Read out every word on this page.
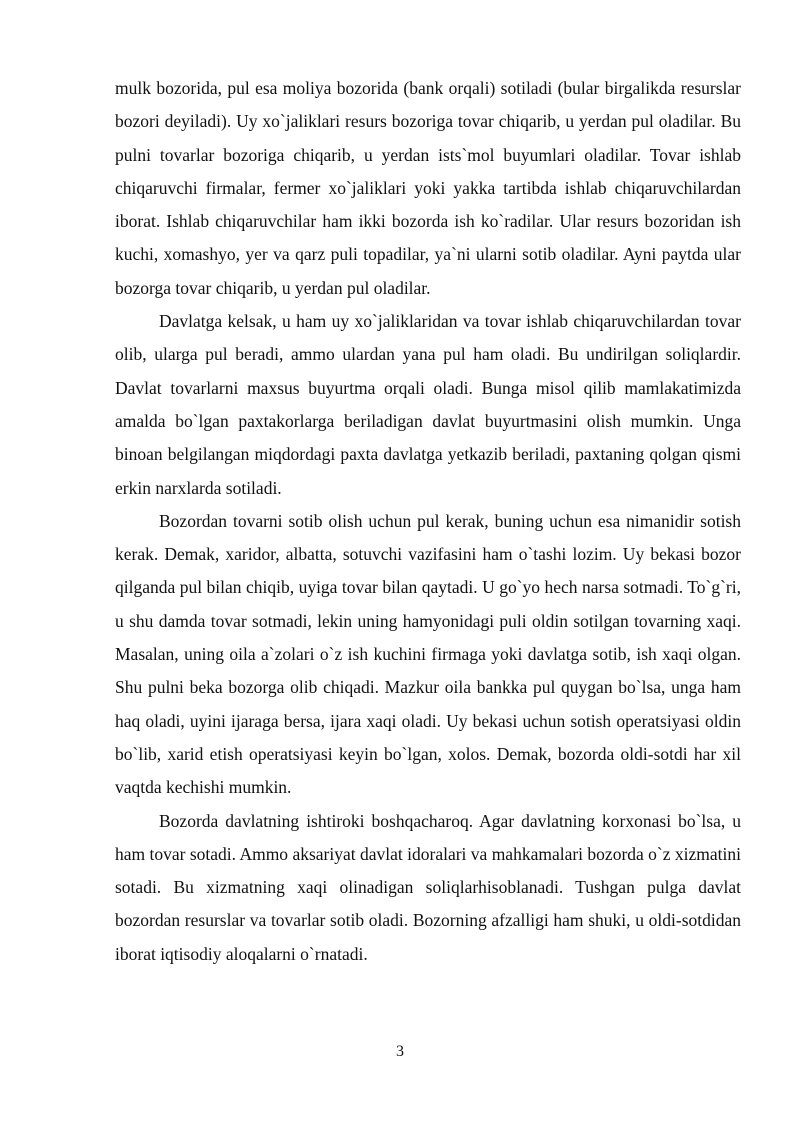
mulk bozorida, pul esa moliya bozorida (bank orqali) sotiladi (bular birgalikda resurslar bozori deyiladi). Uy xo`jaliklari resurs bozoriga tovar chiqarib, u yerdan pul oladilar. Bu pulni tovarlar bozoriga chiqarib, u yerdan ists`mol buyumlari oladilar. Tovar ishlab chiqaruvchi firmalar, fermer xo`jaliklari yoki yakka tartibda ishlab chiqaruvchilardan iborat. Ishlab chiqaruvchilar ham ikki bozorda ish ko`radilar. Ular resurs bozoridan ish kuchi, xomashyo, yer va qarz puli topadilar, ya`ni ularni sotib oladilar. Ayni paytda ular bozorga tovar chiqarib, u yerdan pul oladilar.

Davlatga kelsak, u ham uy xo`jaliklaridan va tovar ishlab chiqaruvchilardan tovar olib, ularga pul beradi, ammo ulardan yana pul ham oladi. Bu undirilgan soliqlardir. Davlat tovarlarni maxsus buyurtma orqali oladi. Bunga misol qilib mamlakatimizda amalda bo`lgan paxtakorlarga beriladigan davlat buyurtmasini olish mumkin. Unga binoan belgilangan miqdordagi paxta davlatga yetkazib beriladi, paxtaning qolgan qismi erkin narxlarda sotiladi.

Bozordan tovarni sotib olish uchun pul kerak, buning uchun esa nimanidir sotish kerak. Demak, xaridor, albatta, sotuvchi vazifasini ham o`tashi lozim. Uy bekasi bozor qilganda pul bilan chiqib, uyiga tovar bilan qaytadi. U go`yo hech narsa sotmadi. To`g`ri, u shu damda tovar sotmadi, lekin uning hamyonidagi puli oldin sotilgan tovarning xaqi. Masalan, uning oila a`zolari o`z ish kuchini firmaga yoki davlatga sotib, ish xaqi olgan. Shu pulni beka bozorga olib chiqadi. Mazkur oila bankka pul quygan bo`lsa, unga ham haq oladi, uyini ijaraga bersa, ijara xaqi oladi. Uy bekasi uchun sotish operatsiyasi oldin bo`lib, xarid etish operatsiyasi keyin bo`lgan, xolos. Demak, bozorda oldi-sotdi har xil vaqtda kechishi mumkin.

Bozorda davlatning ishtiroki boshqacharoq. Agar davlatning korxonasi bo`lsa, u ham tovar sotadi. Ammo aksariyat davlat idoralari va mahkamalari bozorda o`z xizmatini sotadi. Bu xizmatning xaqi olinadigan soliqlarhisoblanadi. Tushgan pulga davlat bozordan resurslar va tovarlar sotib oladi. Bozorning afzalligi ham shuki, u oldi-sotdidan iborat iqtisodiy aloqalarni o`rnatadi.

3
